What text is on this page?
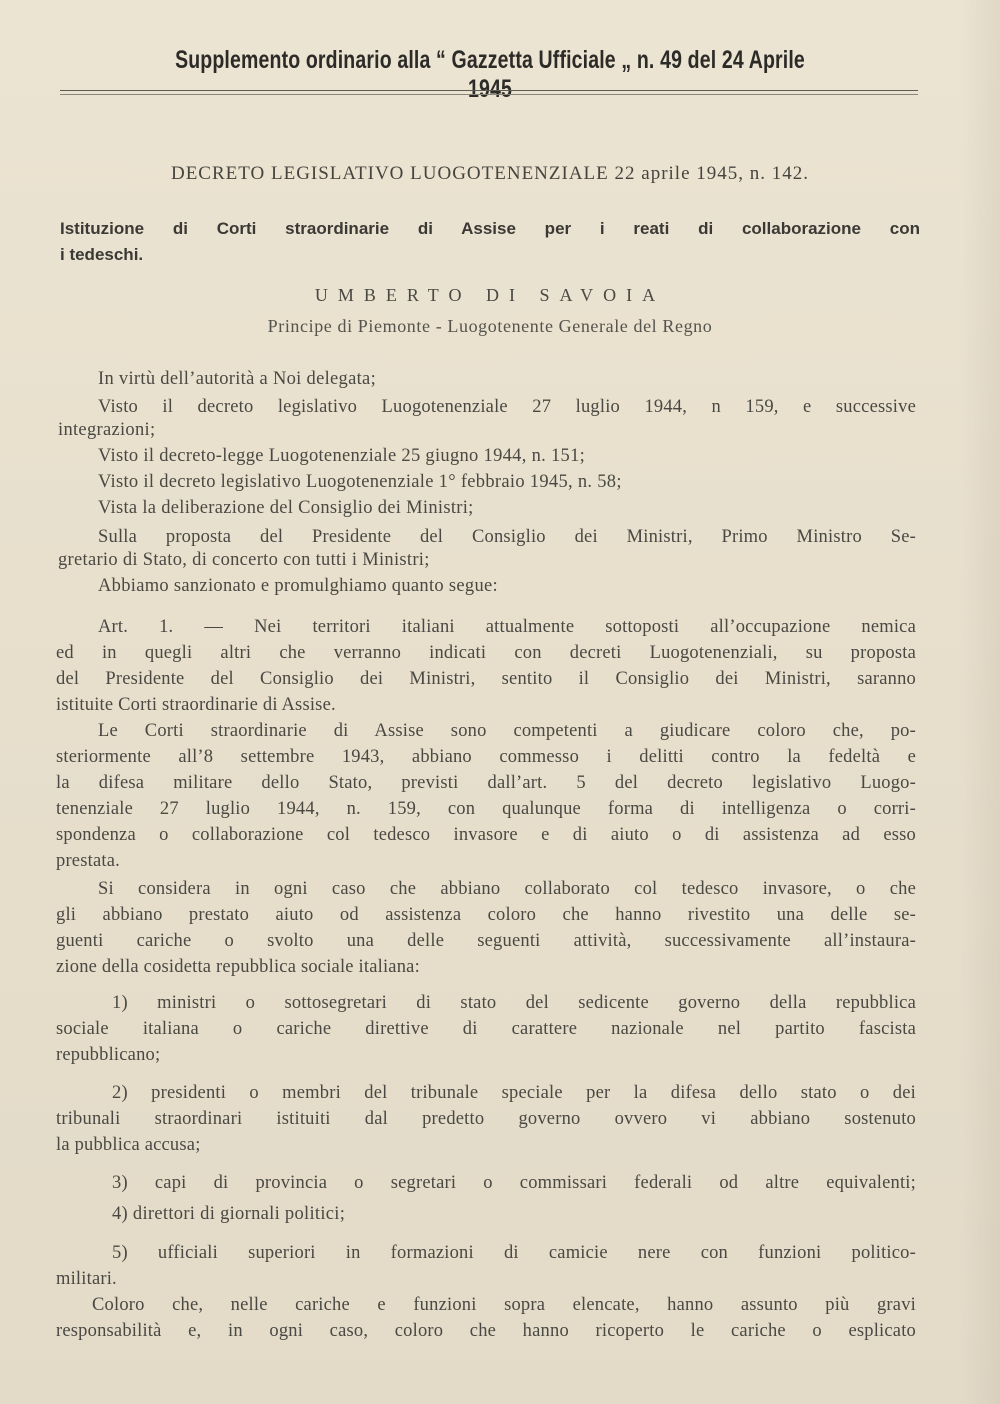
Supplemento ordinario alla “ Gazzetta Ufficiale „ n. 49 del 24 Aprile 1945
DECRETO LEGISLATIVO LUOGOTENENZIALE 22 aprile 1945, n. 142.
Istituzione di Corti straordinarie di Assise per i reati di collaborazione con
i tedeschi.
UMBERTO DI SAVOIA
Principe di Piemonte - Luogotenente Generale del Regno
In virtù dell’autorità a Noi delegata;
Visto il decreto legislativo Luogotenenziale 27 luglio 1944, n 159, e successive
integrazioni;
Visto il decreto-legge Luogotenenziale 25 giugno 1944, n. 151;
Visto il decreto legislativo Luogotenenziale 1° febbraio 1945, n. 58;
Vista la deliberazione del Consiglio dei Ministri;
Sulla proposta del Presidente del Consiglio dei Ministri, Primo Ministro Se-
gretario di Stato, di concerto con tutti i Ministri;
Abbiamo sanzionato e promulghiamo quanto segue:
Art. 1. — Nei territori italiani attualmente sottoposti all’occupazione nemica
ed in quegli altri che verranno indicati con decreti Luogotenenziali, su proposta
del Presidente del Consiglio dei Ministri, sentito il Consiglio dei Ministri, saranno
istituite Corti straordinarie di Assise.
Le Corti straordinarie di Assise sono competenti a giudicare coloro che, po-
steriormente all’8 settembre 1943, abbiano commesso i delitti contro la fedeltà e
la difesa militare dello Stato, previsti dall’art. 5 del decreto legislativo Luogo-
tenenziale 27 luglio 1944, n. 159, con qualunque forma di intelligenza o corri-
spondenza o collaborazione col tedesco invasore e di aiuto o di assistenza ad esso
prestata.
Si considera in ogni caso che abbiano collaborato col tedesco invasore, o che
gli abbiano prestato aiuto od assistenza coloro che hanno rivestito una delle se-
guenti cariche o svolto una delle seguenti attività, successivamente all’instaura-
zione della cosidetta repubblica sociale italiana:
1) ministri o sottosegretari di stato del sedicente governo della repubblica
sociale italiana o cariche direttive di carattere nazionale nel partito fascista
repubblicano;
2) presidenti o membri del tribunale speciale per la difesa dello stato o dei
tribunali straordinari istituiti dal predetto governo ovvero vi abbiano sostenuto
la pubblica accusa;
3) capi di provincia o segretari o commissari federali od altre equivalenti;
4) direttori di giornali politici;
5) ufficiali superiori in formazioni di camicie nere con funzioni politico-
militari.
Coloro che, nelle cariche e funzioni sopra elencate, hanno assunto più gravi
responsabilità e, in ogni caso, coloro che hanno ricoperto le cariche o esplicato
